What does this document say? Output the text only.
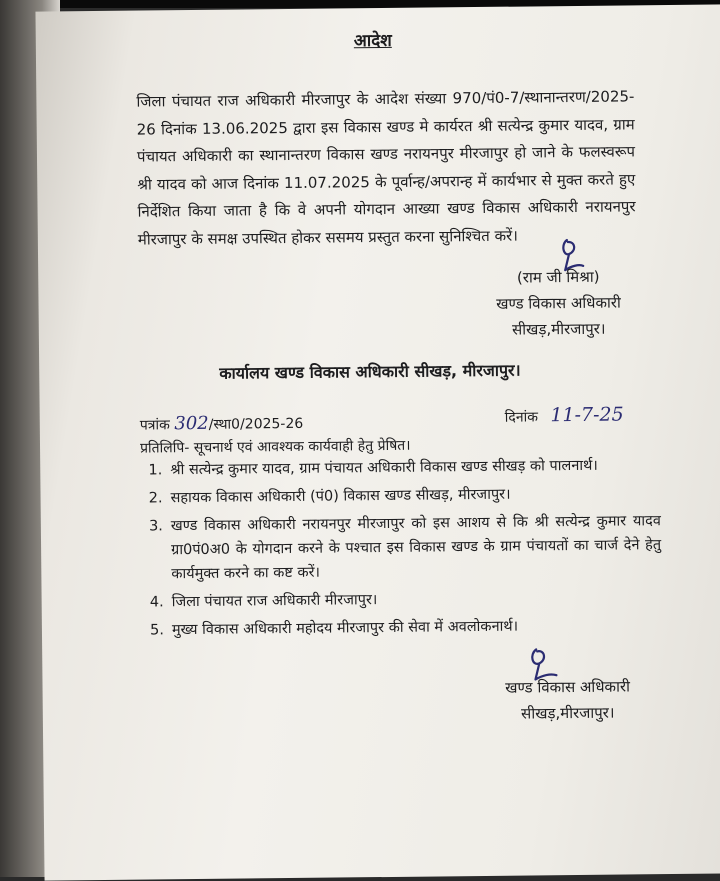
आदेश
जिला पंचायत राज अधिकारी मीरजापुर के आदेश संख्या 970/पं0-7/स्थानान्तरण/2025-26 दिनांक 13.06.2025 द्वारा इस विकास खण्ड मे कार्यरत श्री सत्येन्द्र कुमार यादव, ग्राम पंचायत अधिकारी का स्थानान्तरण विकास खण्ड नरायनपुर मीरजापुर हो जाने के फलस्वरूप श्री यादव को आज दिनांक 11.07.2025 के पूर्वान्ह/अपरान्ह में कार्यभार से मुक्त करते हुए निर्देशित किया जाता है कि वे अपनी योगदान आख्या खण्ड विकास अधिकारी नरायनपुर मीरजापुर के समक्ष उपस्थित होकर ससमय प्रस्तुत करना सुनिश्चित करें।
(राम जी मिश्रा)
खण्ड विकास अधिकारी
सीखड़,मीरजापुर।
कार्यालय खण्ड विकास अधिकारी सीखड़, मीरजापुर।
पत्रांक 302/स्था0/2025-26	दिनांक 11-7-25
प्रतिलिपि- सूचनार्थ एवं आवश्यक कार्यवाही हेतु प्रेषित।
1. श्री सत्येन्द्र कुमार यादव, ग्राम पंचायत अधिकारी विकास खण्ड सीखड़ को पालनार्थ।
2. सहायक विकास अधिकारी (पं0) विकास खण्ड सीखड़, मीरजापुर।
3. खण्ड विकास अधिकारी नरायनपुर मीरजापुर को इस आशय से कि श्री सत्येन्द्र कुमार यादव ग्रा0पं0अ0 के योगदान करने के पश्चात इस विकास खण्ड के ग्राम पंचायतों का चार्ज देने हेतु कार्यमुक्त करने का कष्ट करें।
4. जिला पंचायत राज अधिकारी मीरजापुर।
5. मुख्य विकास अधिकारी महोदय मीरजापुर की सेवा में अवलोकनार्थ।
खण्ड विकास अधिकारी
सीखड़,मीरजापुर।
